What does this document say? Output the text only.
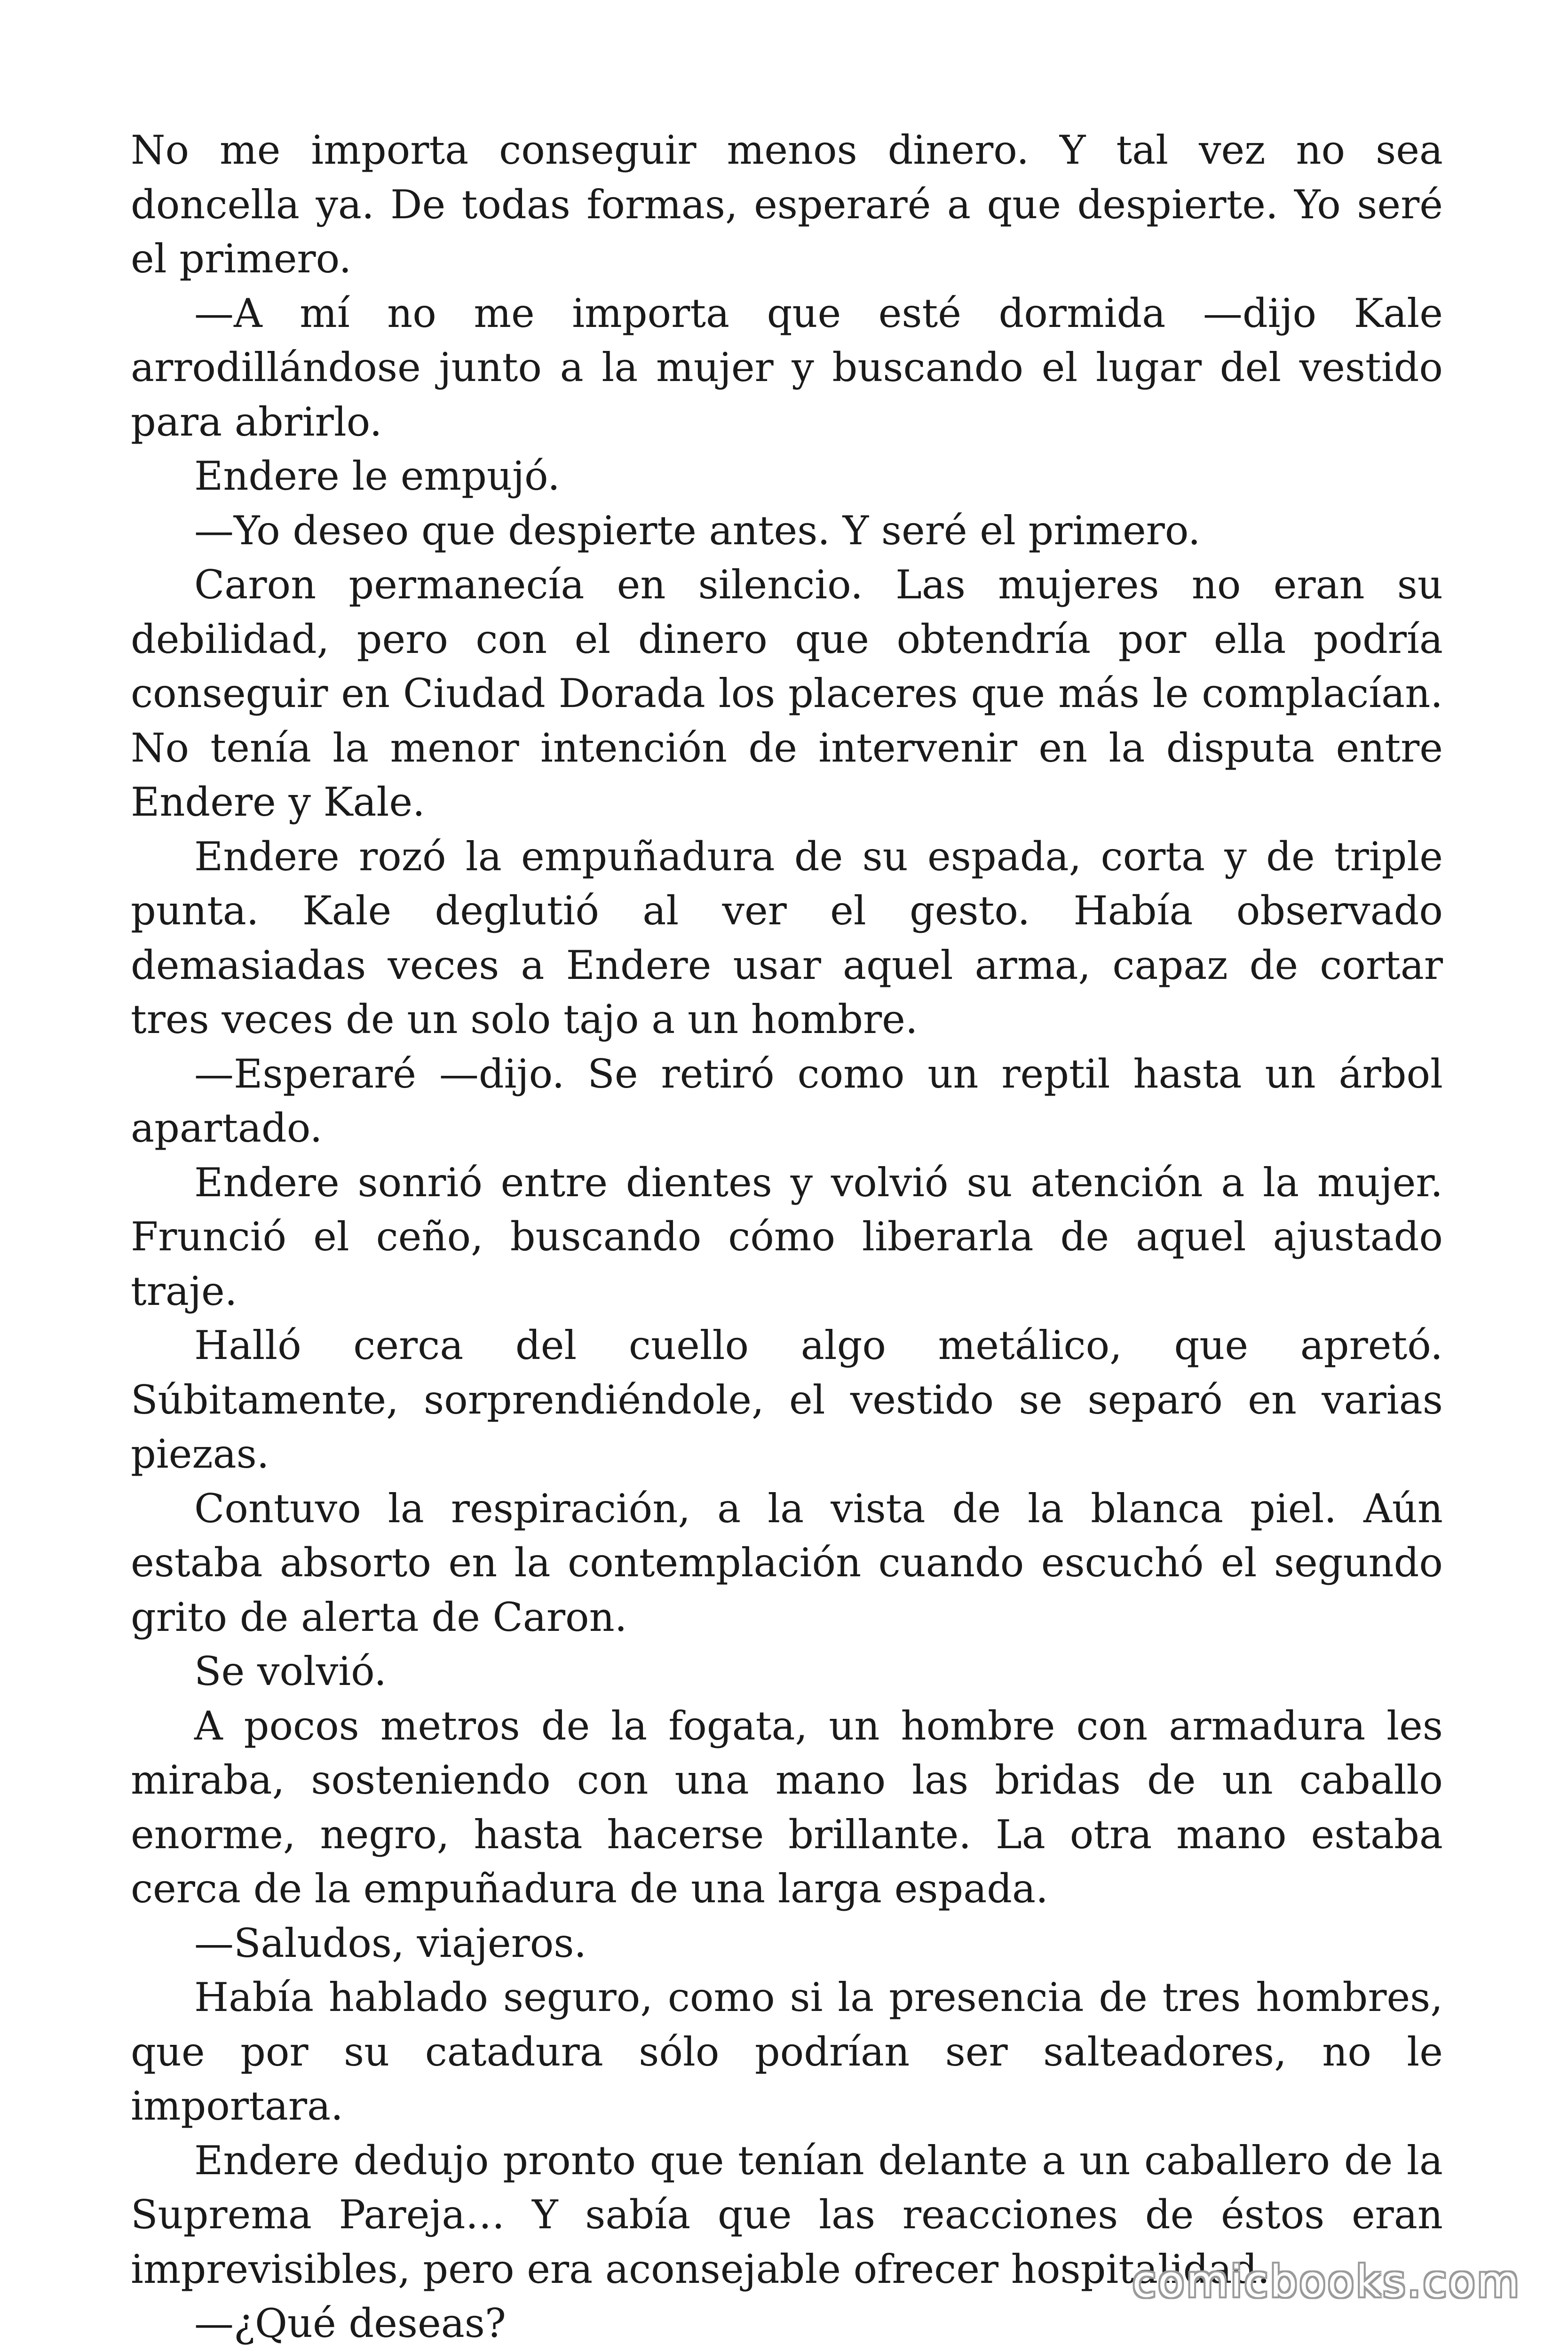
No me importa conseguir menos dinero. Y tal vez no sea doncella ya. De todas formas, esperaré a que despierte. Yo seré el primero.

—A mí no me importa que esté dormida —dijo Kale arrodillándose junto a la mujer y buscando el lugar del vestido para abrirlo.

Endere le empujó.

—Yo deseo que despierte antes. Y seré el primero.

Caron permanecía en silencio. Las mujeres no eran su debilidad, pero con el dinero que obtendría por ella podría conseguir en Ciudad Dorada los placeres que más le complacían. No tenía la menor intención de intervenir en la disputa entre Endere y Kale.

Endere rozó la empuñadura de su espada, corta y de triple punta. Kale deglutió al ver el gesto. Había observado demasiadas veces a Endere usar aquel arma, capaz de cortar tres veces de un solo tajo a un hombre.

—Esperaré —dijo. Se retiró como un reptil hasta un árbol apartado.

Endere sonrió entre dientes y volvió su atención a la mujer. Frunció el ceño, buscando cómo liberarla de aquel ajustado traje.

Halló cerca del cuello algo metálico, que apretó. Súbitamente, sorprendiéndole, el vestido se separó en varias piezas.

Contuvo la respiración, a la vista de la blanca piel. Aún estaba absorto en la contemplación cuando escuchó el segundo grito de alerta de Caron.

Se volvió.

A pocos metros de la fogata, un hombre con armadura les miraba, sosteniendo con una mano las bridas de un caballo enorme, negro, hasta hacerse brillante. La otra mano estaba cerca de la empuñadura de una larga espada.

—Saludos, viajeros.

Había hablado seguro, como si la presencia de tres hombres, que por su catadura sólo podrían ser salteadores, no le importara.

Endere dedujo pronto que tenían delante a un caballero de la Suprema Pareja… Y sabía que las reacciones de éstos eran imprevisibles, pero era aconsejable ofrecer hospitalidad.

—¿Qué deseas?

comicbooks.com
